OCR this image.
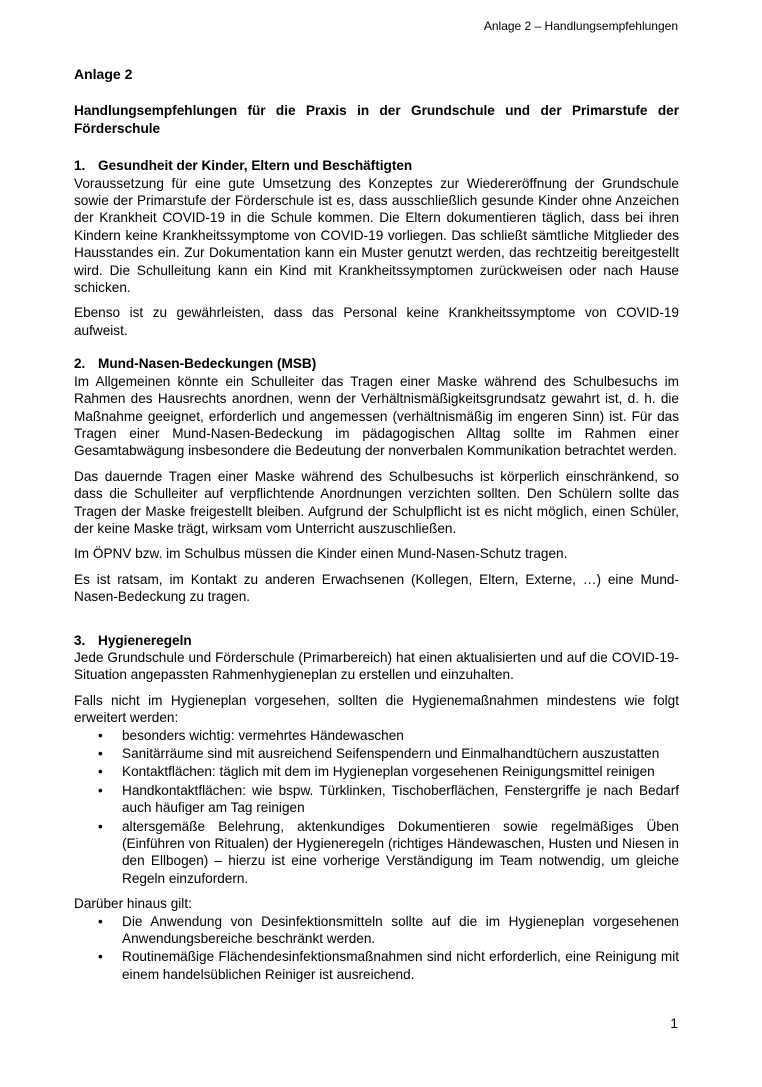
Anlage 2 – Handlungsempfehlungen
Anlage 2
Handlungsempfehlungen für die Praxis in der Grundschule und der Primarstufe der Förderschule
1. Gesundheit der Kinder, Eltern und Beschäftigten

Voraussetzung für eine gute Umsetzung des Konzeptes zur Wiedereröffnung der Grundschule sowie der Primarstufe der Förderschule ist es, dass ausschließlich gesunde Kinder ohne Anzeichen der Krankheit COVID-19 in die Schule kommen. Die Eltern dokumentieren täglich, dass bei ihren Kindern keine Krankheitssymptome von COVID-19 vorliegen. Das schließt sämtliche Mitglieder des Hausstandes ein. Zur Dokumentation kann ein Muster genutzt werden, das rechtzeitig bereitgestellt wird. Die Schulleitung kann ein Kind mit Krankheitssymptomen zurückweisen oder nach Hause schicken.

Ebenso ist zu gewährleisten, dass das Personal keine Krankheitssymptome von COVID-19 aufweist.

2. Mund-Nasen-Bedeckungen (MSB)

Im Allgemeinen könnte ein Schulleiter das Tragen einer Maske während des Schulbesuchs im Rahmen des Hausrechts anordnen, wenn der Verhältnismäßigkeitsgrundsatz gewahrt ist, d. h. die Maßnahme geeignet, erforderlich und angemessen (verhältnismäßig im engeren Sinn) ist. Für das Tragen einer Mund-Nasen-Bedeckung im pädagogischen Alltag sollte im Rahmen einer Gesamtabwägung insbesondere die Bedeutung der nonverbalen Kommunikation betrachtet werden.

Das dauernde Tragen einer Maske während des Schulbesuchs ist körperlich einschränkend, so dass die Schulleiter auf verpflichtende Anordnungen verzichten sollten. Den Schülern sollte das Tragen der Maske freigestellt bleiben. Aufgrund der Schulpflicht ist es nicht möglich, einen Schüler, der keine Maske trägt, wirksam vom Unterricht auszuschließen.

Im ÖPNV bzw. im Schulbus müssen die Kinder einen Mund-Nasen-Schutz tragen.

Es ist ratsam, im Kontakt zu anderen Erwachsenen (Kollegen, Eltern, Externe, …) eine Mund-Nasen-Bedeckung zu tragen.

3. Hygieneregeln

Jede Grundschule und Förderschule (Primarbereich) hat einen aktualisierten und auf die COVID-19-Situation angepassten Rahmenhygieneplan zu erstellen und einzuhalten.

Falls nicht im Hygieneplan vorgesehen, sollten die Hygienemaßnahmen mindestens wie folgt erweitert werden:

• besonders wichtig: vermehrtes Händewaschen
• Sanitärräume sind mit ausreichend Seifenspendern und Einmalhandtüchern auszustatten
• Kontaktflächen: täglich mit dem im Hygieneplan vorgesehenen Reinigungsmittel reinigen
• Handkontaktflächen: wie bspw. Türklinken, Tischoberflächen, Fenstergriffe je nach Bedarf auch häufiger am Tag reinigen
• altersgemäße Belehrung, aktenkundiges Dokumentieren sowie regelmäßiges Üben (Einführen von Ritualen) der Hygieneregeln (richtiges Händewaschen, Husten und Niesen in den Ellbogen) – hierzu ist eine vorherige Verständigung im Team notwendig, um gleiche Regeln einzufordern.

Darüber hinaus gilt:

• Die Anwendung von Desinfektionsmitteln sollte auf die im Hygieneplan vorgesehenen Anwendungsbereiche beschränkt werden.
• Routinemäßige Flächendesinfektionsmaßnahmen sind nicht erforderlich, eine Reinigung mit einem handelsüblichen Reiniger ist ausreichend.
1
